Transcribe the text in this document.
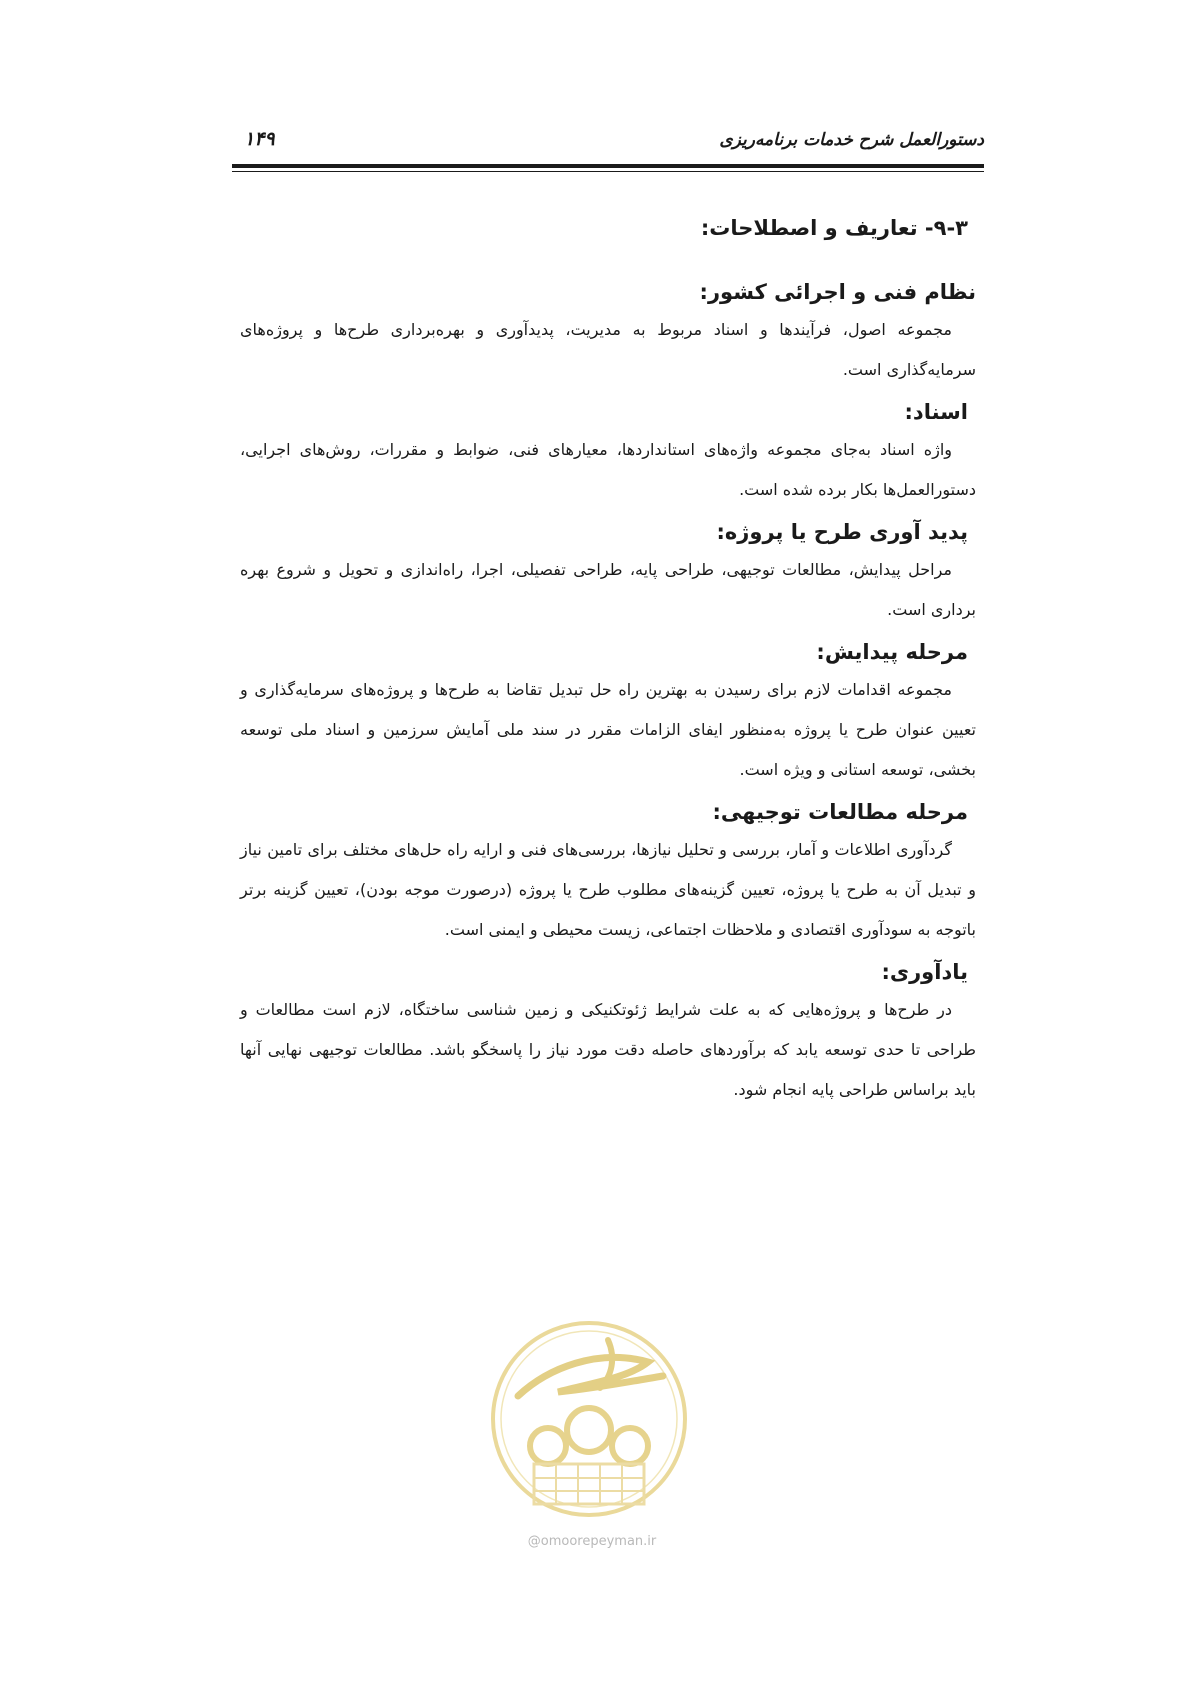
دستورالعمل شرح خدمات برنامه‌ریزی
۱۴۹
۹-۳- تعاریف و اصطلاحات:
نظام فنی و اجرائی کشور:

مجموعه اصول، فرآیندها و اسناد مربوط به مدیریت، پدیدآوری و بهره‌برداری طرح‌ها و پروژه‌های سرمایه‌گذاری است.

اسناد:

واژه اسناد به‌جای مجموعه واژه‌های استانداردها، معیارهای فنی، ضوابط و مقررات، روش‌های اجرایی، دستورالعمل‌ها بکار برده شده است.

پدید آوری طرح یا پروژه:

مراحل پیدایش، مطالعات توجیهی، طراحی پایه، طراحی تفصیلی، اجرا، راه‌اندازی و تحویل و شروع بهره برداری است.

مرحله پیدایش:

مجموعه اقدامات لازم برای رسیدن به بهترین راه حل تبدیل تقاضا به طرح‌ها و پروژه‌های سرمایه‌گذاری و تعیین عنوان طرح یا پروژه به‌منظور ایفای الزامات مقرر در سند ملی آمایش سرزمین و اسناد ملی توسعه بخشی، توسعه استانی و ویژه است.

مرحله مطالعات توجیهی:

گردآوری اطلاعات و آمار، بررسی و تحلیل نیازها، بررسی‌های فنی و ارایه راه حل‌های مختلف برای تامین نیاز و تبدیل آن به طرح یا پروژه، تعیین گزینه‌های مطلوب طرح یا پروژه (درصورت موجه بودن)، تعیین گزینه برتر باتوجه به سودآوری اقتصادی و ملاحظات اجتماعی، زیست محیطی و ایمنی است.

یادآوری:

در طرح‌ها و پروژه‌هایی که به علت شرایط ژئوتکنیکی و زمین شناسی ساختگاه، لازم است مطالعات و طراحی تا حدی توسعه یابد که برآوردهای حاصله دقت مورد نیاز را پاسخگو باشد. مطالعات توجیهی نهایی آنها باید براساس طراحی پایه انجام شود.

@omoorepeyman.ir
